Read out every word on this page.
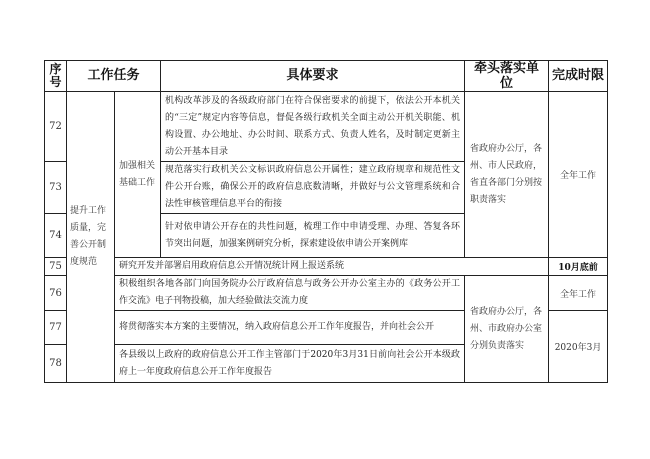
序号	工作任务		具体要求	牵头落实单　　位	完成时限
72	提升工作质量，完善公开制度规范	加强相关基础工作	机构改革涉及的各级政府部门在符合保密要求的前提下，依法公开本机关的“三定”规定内容等信息，督促各级行政机关全面主动公开机关职能、机构设置、办公地址、办公时间、联系方式、负责人姓名，及时制定更新主动公开基本目录	省政府办公厅，各州、市人民政府，省直各部门分别按职责落实	全年工作
73			规范落实行政机关公文标识政府信息公开属性；建立政府规章和规范性文件公开台账，确保公开的政府信息底数清晰，并做好与公文管理系统和合法性审核管理信息平台的衔接		
74			针对依申请公开存在的共性问题，梳理工作中申请受理、办理、答复各环节突出问题，加强案例研究分析，探索建设依申请公开案例库		
75		研究开发并部署启用政府信息公开情况统计网上报送系统			10月底前
76		积极组织各地各部门向国务院办公厅政府信息与政务公开办公室主办的《政务公开工作交流》电子刊物投稿，加大经验做法交流力度		省政府办公厅，各州、市政府办公室分别负责落实	全年工作
77		将贯彻落实本方案的主要情况，纳入政府信息公开工作年度报告，并向社会公开			2020年3月
78		各县级以上政府的政府信息公开工作主管部门于2020年3月31日前向社会公开本级政府上一年度政府信息公开工作年度报告			
